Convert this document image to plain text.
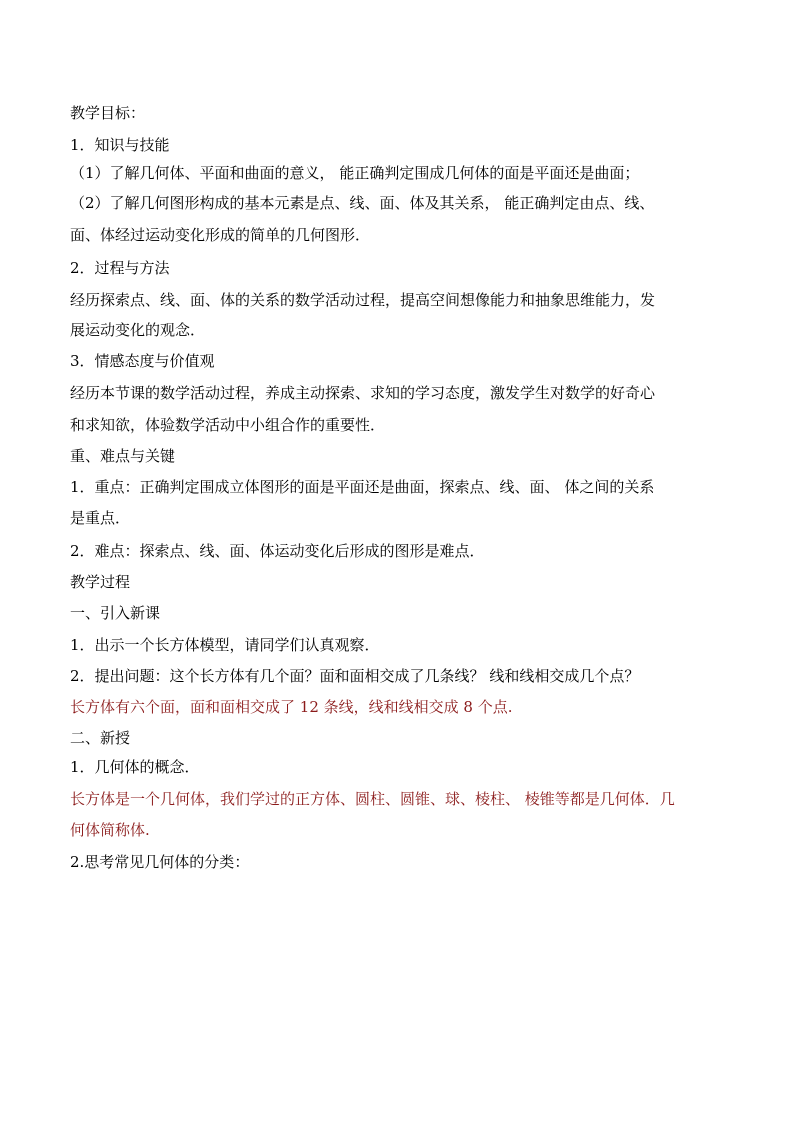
教学目标：
1．知识与技能
（1）了解几何体、平面和曲面的意义， 能正确判定围成几何体的面是平面还是曲面；
（2）了解几何图形构成的基本元素是点、线、面、体及其关系， 能正确判定由点、线、
面、体经过运动变化形成的简单的几何图形．
2．过程与方法
经历探索点、线、面、体的关系的数学活动过程，提高空间想像能力和抽象思维能力，发
展运动变化的观念．
3．情感态度与价值观
经历本节课的数学活动过程，养成主动探索、求知的学习态度，激发学生对数学的好奇心
和求知欲，体验数学活动中小组合作的重要性．
重、难点与关键
1．重点：正确判定围成立体图形的面是平面还是曲面，探索点、线、面、 体之间的关系
是重点．
2．难点：探索点、线、面、体运动变化后形成的图形是难点．
教学过程
一、引入新课
1．出示一个长方体模型，请同学们认真观察．
2．提出问题：这个长方体有几个面？面和面相交成了几条线？ 线和线相交成几个点？
长方体有六个面，面和面相交成了 12 条线，线和线相交成 8 个点.
二、新授
1．几何体的概念．
长方体是一个几何体，我们学过的正方体、圆柱、圆锥、球、棱柱、 棱锥等都是几何体．几
何体简称体.
2.思考常见几何体的分类：
